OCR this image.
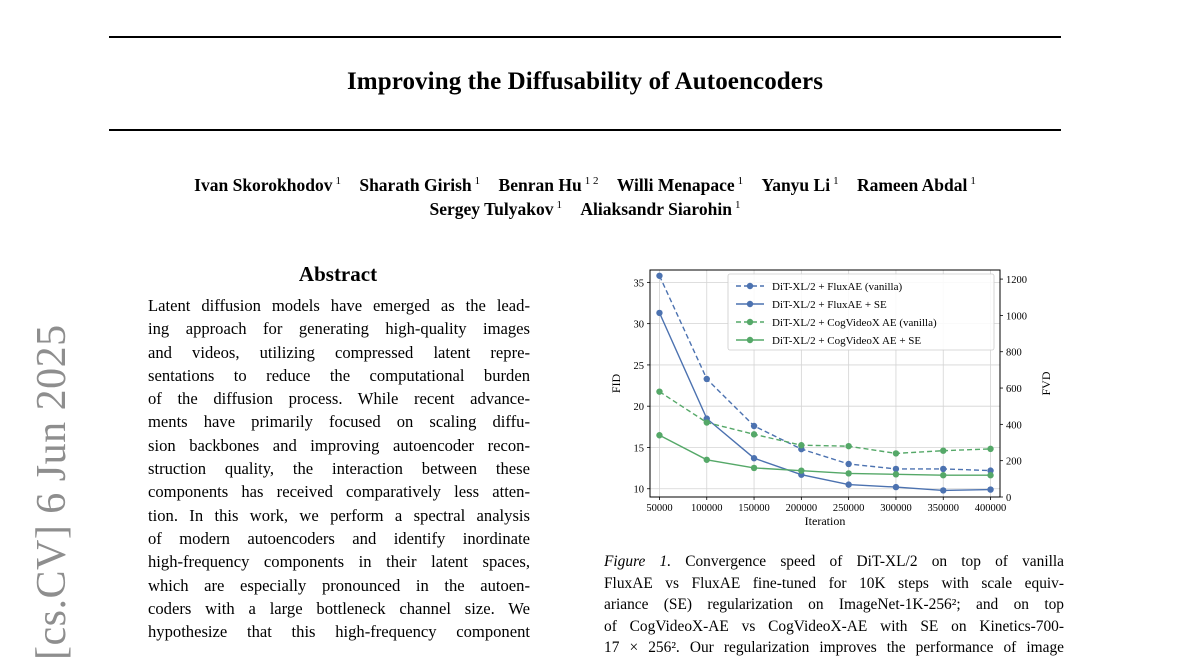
Improving the Diffusability of Autoencoders
Ivan Skorokhodov $^1$ Sharath Girish $^1$ Benran Hu $^{1 2}$ Willi Menapace $^1$ Yanyu Li $^1$ Rameen Abdal $^1$
Sergey Tulyakov $^1$ Aliaksandr Siarohin $^1$
[cs.CV] 6 Jun 2025
Abstract
Latent diffusion models have emerged as the lead-
ing approach for generating high-quality images
and videos, utilizing compressed latent repre-
sentations to reduce the computational burden
of the diffusion process. While recent advance-
ments have primarily focused on scaling diffu-
sion backbones and improving autoencoder recon-
struction quality, the interaction between these
components has received comparatively less atten-
tion. In this work, we perform a spectral analysis
of modern autoencoders and identify inordinate
high-frequency components in their latent spaces,
which are especially pronounced in the autoen-
coders with a large bottleneck channel size. We
hypothesize that this high-frequency component
50000 100000 150000 200000 250000 300000 350000 400000
10
15
20
25
30
35
0
200
400
600
800
1000
1200
Iteration
FID	FVD
DiT-XL/2 + FluxAE (vanilla)
DiT-XL/2 + FluxAE + SE
DiT-XL/2 + CogVideoX AE (vanilla)
DiT-XL/2 + CogVideoX AE + SE
Figure 1. Convergence speed of DiT-XL/2 on top of vanilla
FluxAE vs FluxAE fine-tuned for 10K steps with scale equiv-
ariance (SE) regularization on ImageNet-1K-256²; and on top
of CogVideoX-AE vs CogVideoX-AE with SE on Kinetics-700-
17 × 256². Our regularization improves the performance of image
